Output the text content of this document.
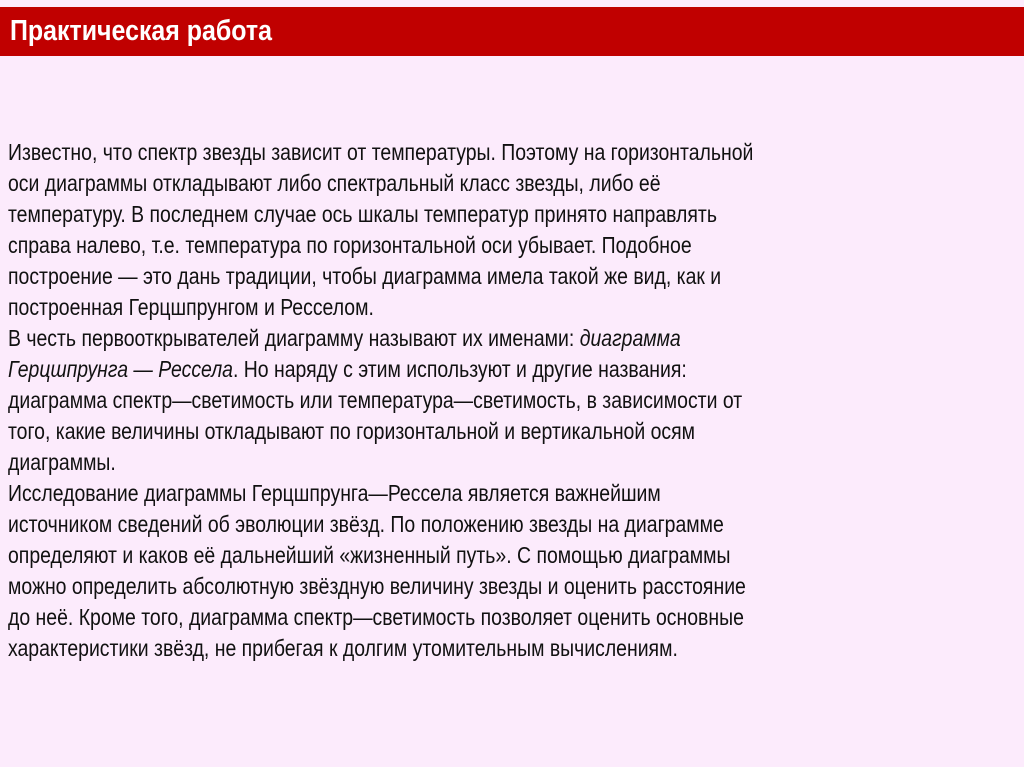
Практическая работа
Известно, что спектр звезды зависит от температуры. Поэтому на горизонтальной
оси диаграммы откладывают либо спектральный класс звезды, либо её
температуру. В последнем случае ось шкалы температур принято направлять
справа налево, т.е. температура по горизонтальной оси убывает. Подобное
построение — это дань традиции, чтобы диаграмма имела такой же вид, как и
построенная Герцшпрунгом и Ресселом.
В честь первооткрывателей диаграмму называют их именами: диаграмма
Герцшпрунга — Рессела. Но наряду с этим используют и другие названия:
диаграмма спектр—светимость или температура—светимость, в зависимости от
того, какие величины откладывают по горизонтальной и вертикальной осям
диаграммы.
Исследование диаграммы Герцшпрунга—Рессела является важнейшим
источником сведений об эволюции звёзд. По положению звезды на диаграмме
определяют и каков её дальнейший «жизненный путь». С помощью диаграммы
можно определить абсолютную звёздную величину звезды и оценить расстояние
до неё. Кроме того, диаграмма спектр—светимость позволяет оценить основные
характеристики звёзд, не прибегая к долгим утомительным вычислениям.
